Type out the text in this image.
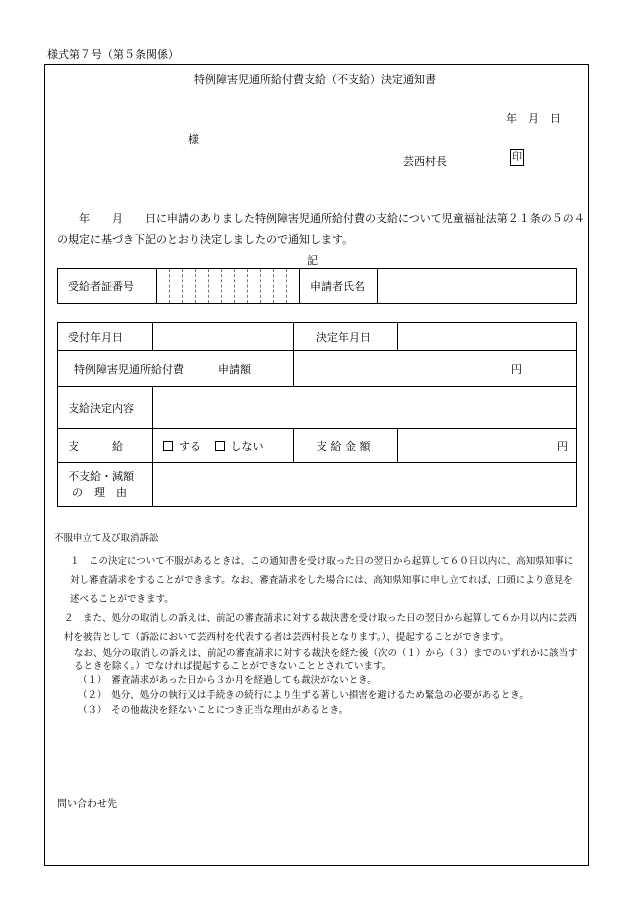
様式第７号（第５条関係）
特例障害児通所給付費支給（不支給）決定通知書
年　月　日
様
芸西村長	印
　　年　　月　　日に申請のありました特例障害児通所給付費の支給について児童福祉法第２１条の５の４の規定に基づき下記のとおり決定しましたので通知します。
記
受給者証番号												申請者氏名	
受付年月日		決定年月日	
特例障害児通所給付費 申請額		円	
支給決定内容			
支　　　給	する しない	支 給 金 額	円

不支給・減額
の　理　由			

不服申立て及び取消訴訟

１　この決定について不服があるときは、この通知書を受け取った日の翌日から起算して６０日以内に、高知県知事に対し審査請求をすることができます。なお、審査請求をした場合には、高知県知事に申し立てれば、口頭により意見を述べることができます。

２　また、処分の取消しの訴えは、前記の審査請求に対する裁決書を受け取った日の翌日から起算して６か月以内に芸西村を被告として（訴訟において芸西村を代表する者は芸西村長となります。）、提起することができます。

なお、処分の取消しの訴えは、前記の審査請求に対する裁決を経た後（次の（１）から（３）までのいずれかに該当するときを除く。）でなければ提起することができないこととされています。

（１）　審査請求があった日から３か月を経過しても裁決がないとき。

（２）　処分、処分の執行又は手続きの続行により生ずる著しい損害を避けるため緊急の必要があるとき。

（３）　その他裁決を経ないことにつき正当な理由があるとき。

問い合わせ先
